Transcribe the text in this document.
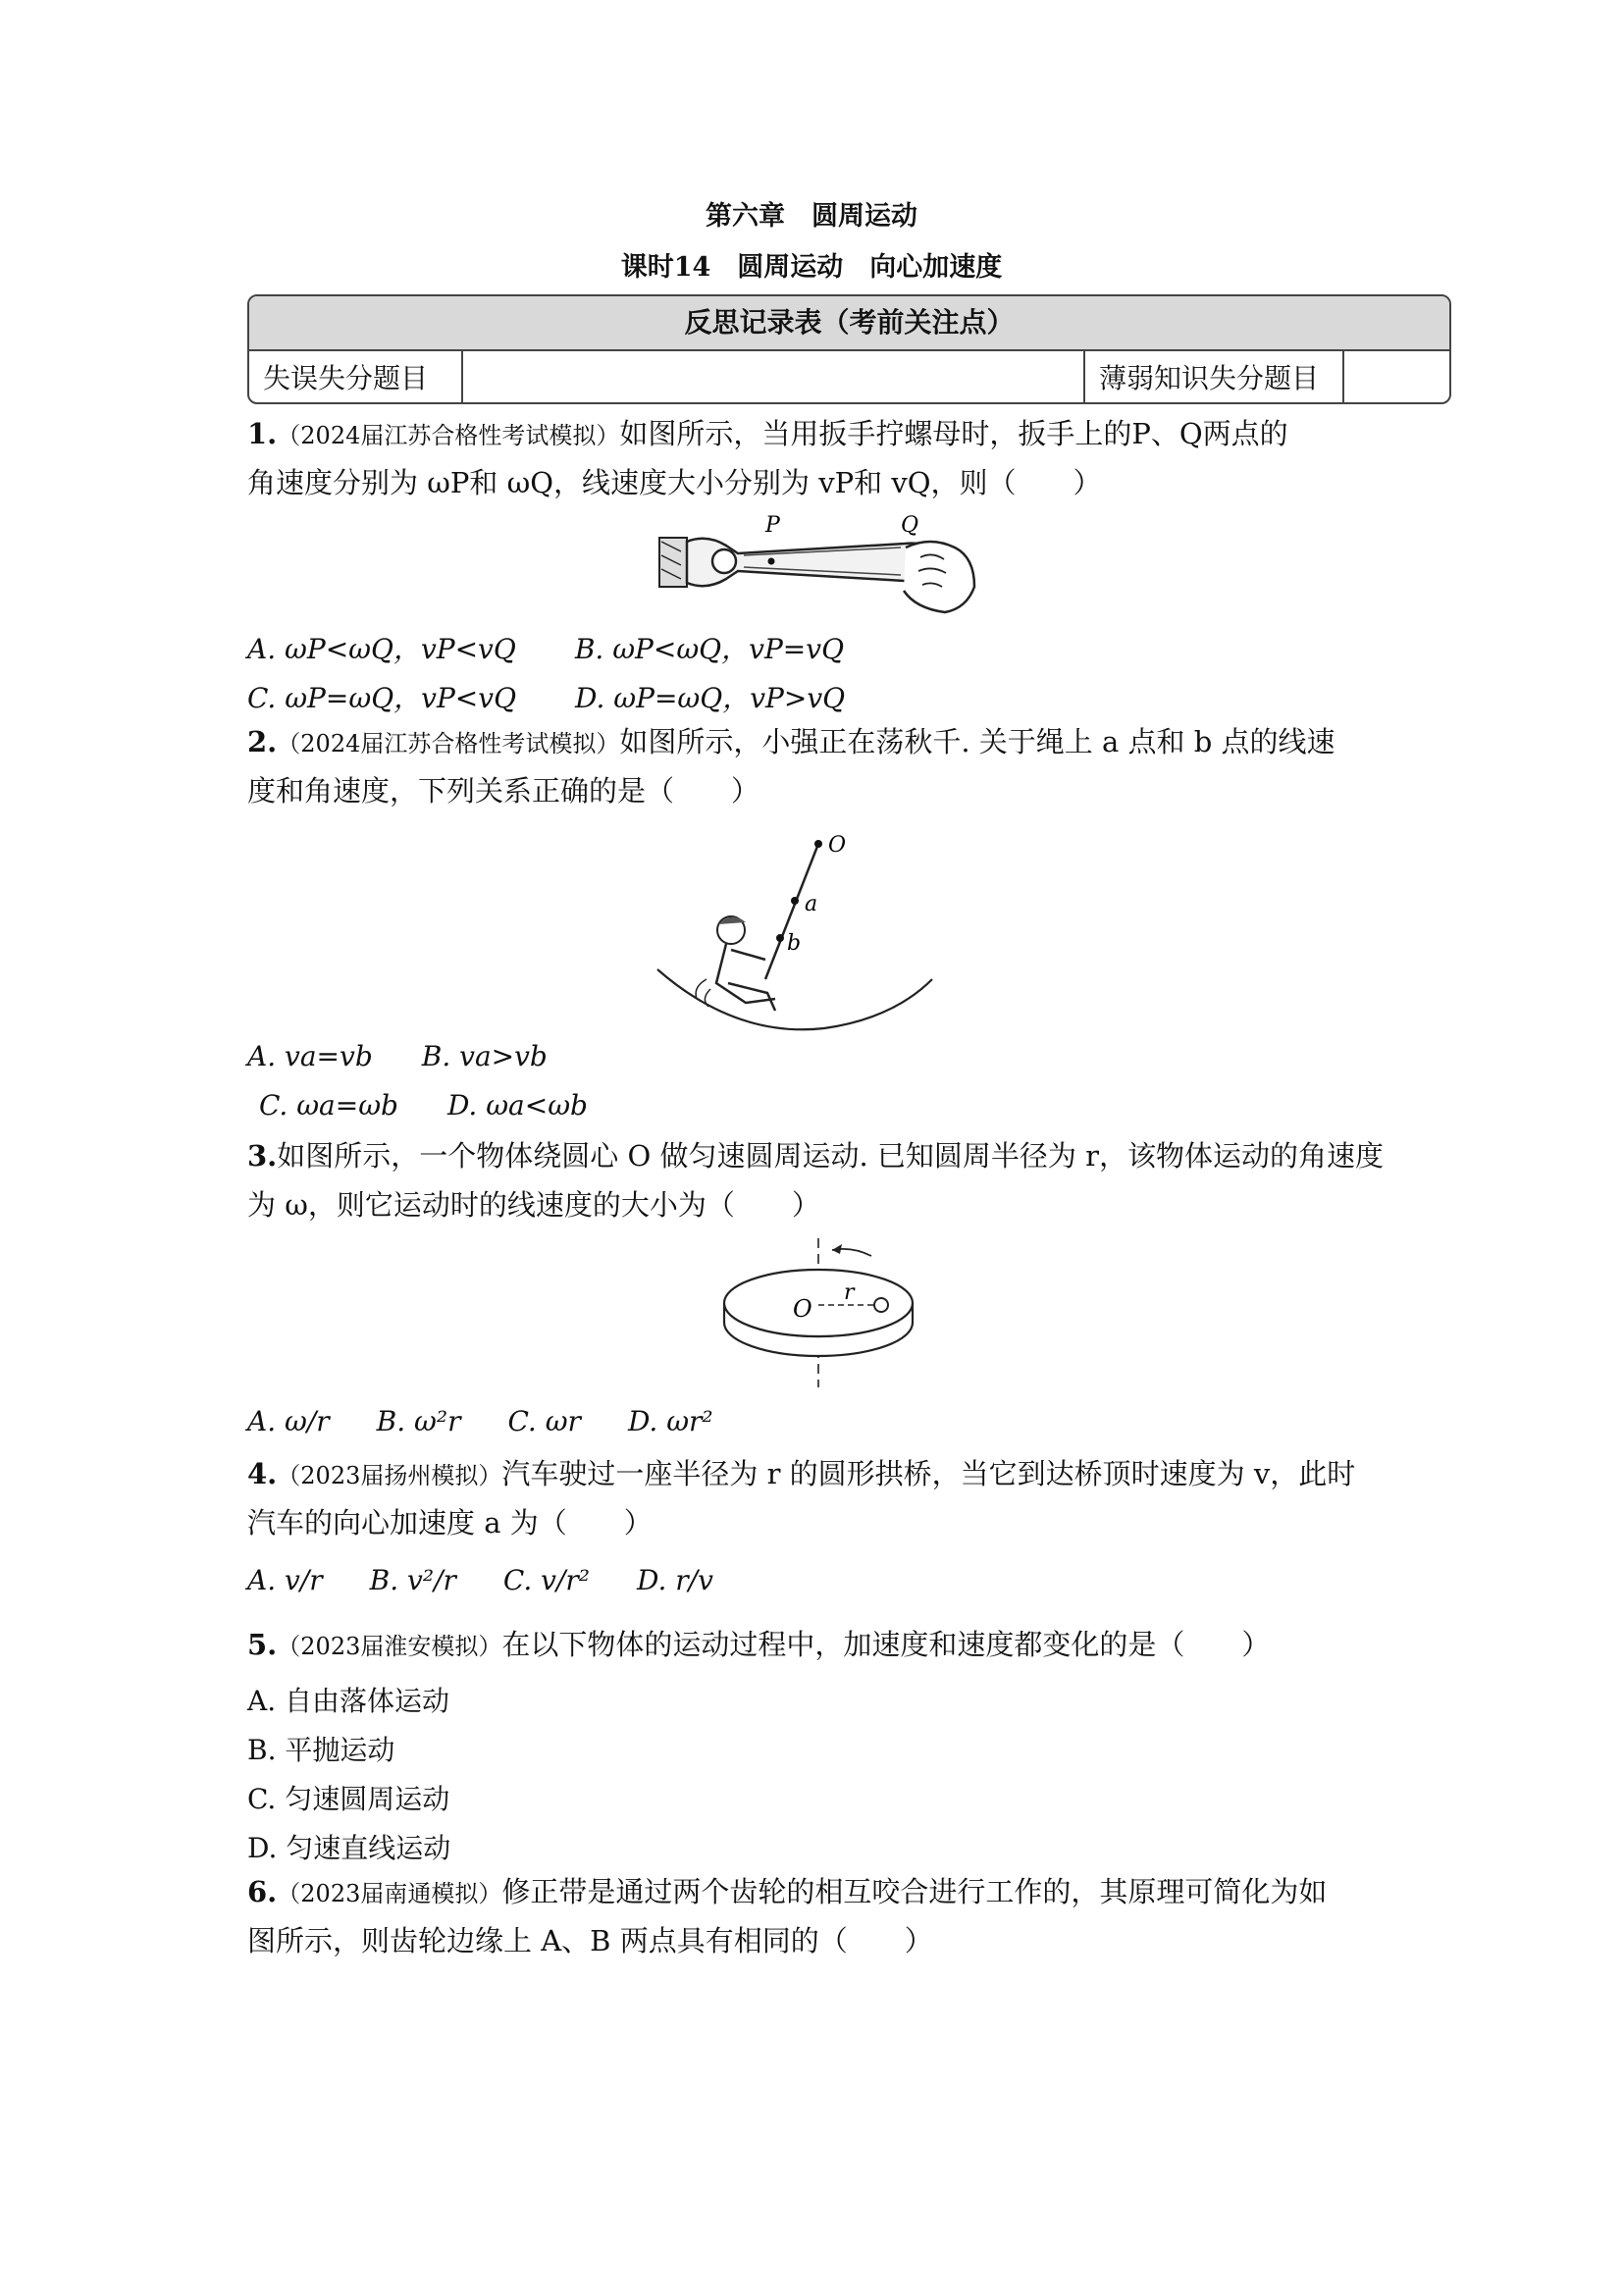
第六章　圆周运动
课时14　圆周运动　向心加速度
反思记录表（考前关注点）
失误失分题目	薄弱知识失分题目
1.（2024届江苏合格性考试模拟）如图所示，当用扳手拧螺母时，扳手上的P、Q两点的
角速度分别为 ωP和 ωQ，线速度大小分别为 vP和 vQ，则（　　）
P	Q
A. ωP<ωQ，vP<vQ B. ωP<ωQ，vP=vQ
C. ωP=ωQ，vP<vQ D. ωP=ωQ，vP>vQ
2.（2024届江苏合格性考试模拟）如图所示，小强正在荡秋千. 关于绳上 a 点和 b 点的线速
度和角速度，下列关系正确的是（　　）
O
a
b
A. va=vb B. va>vb
C. ωa=ωb D. ωa<ωb
3.如图所示，一个物体绕圆心 O 做匀速圆周运动. 已知圆周半径为 r，该物体运动的角速度
为 ω，则它运动时的线速度的大小为（　　）
O
r
A. ω/r B. ω²r C. ωr D. ωr²
4.（2023届扬州模拟）汽车驶过一座半径为 r 的圆形拱桥，当它到达桥顶时速度为 v，此时
汽车的向心加速度 a 为（　　）
A. v/r B. v²/r C. v/r² D. r/v
5.（2023届淮安模拟）在以下物体的运动过程中，加速度和速度都变化的是（　　）
A. 自由落体运动
B. 平抛运动
C. 匀速圆周运动
D. 匀速直线运动
6.（2023届南通模拟）修正带是通过两个齿轮的相互咬合进行工作的，其原理可简化为如
图所示，则齿轮边缘上 A、B 两点具有相同的（　　）
